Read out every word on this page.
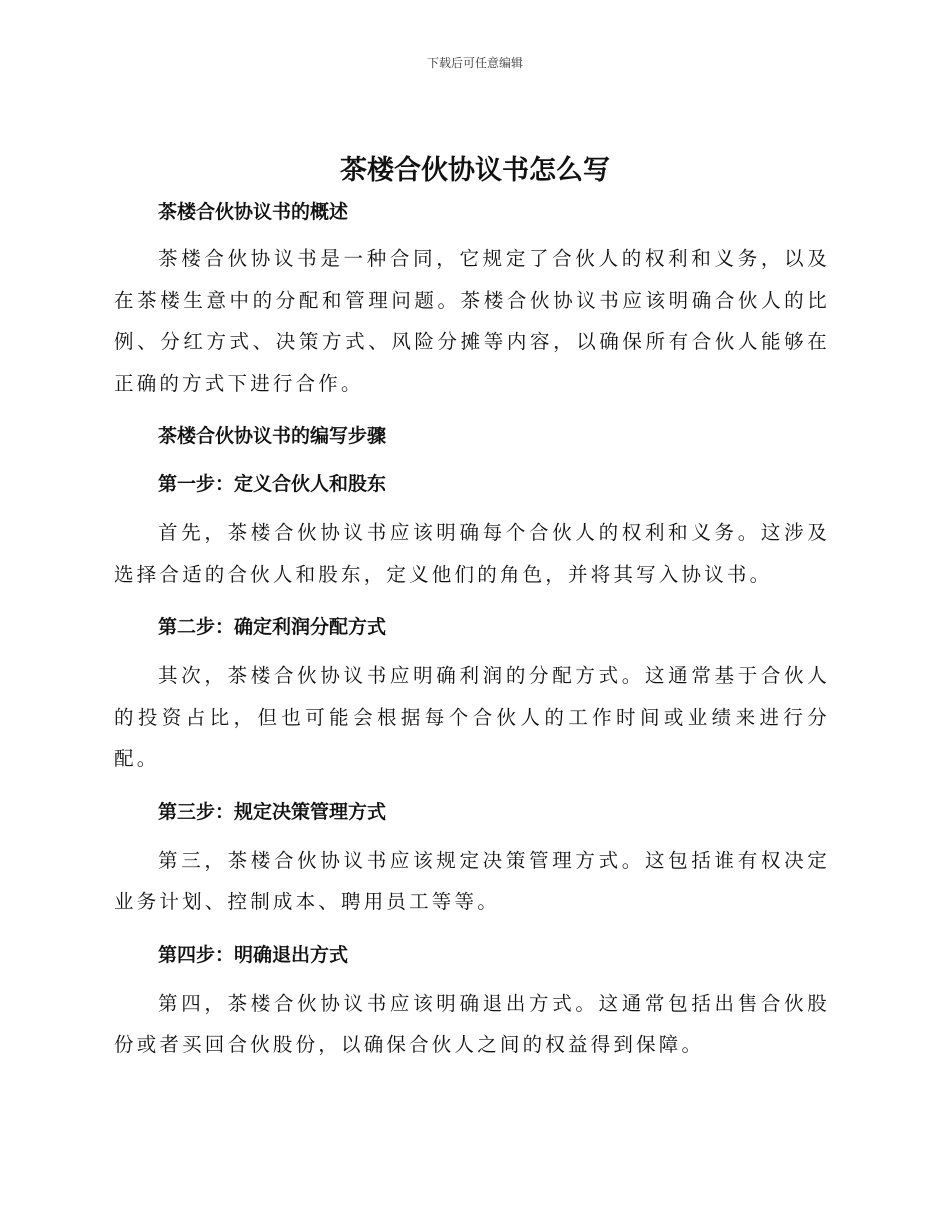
下载后可任意编辑
茶楼合伙协议书怎么写

茶楼合伙协议书的概述

茶楼合伙协议书是一种合同，它规定了合伙人的权利和义务，以及在茶楼生意中的分配和管理问题。茶楼合伙协议书应该明确合伙人的比例、分红方式、决策方式、风险分摊等内容，以确保所有合伙人能够在正确的方式下进行合作。

茶楼合伙协议书的编写步骤

第一步：定义合伙人和股东

首先，茶楼合伙协议书应该明确每个合伙人的权利和义务。这涉及选择合适的合伙人和股东，定义他们的角色，并将其写入协议书。

第二步：确定利润分配方式

其次，茶楼合伙协议书应明确利润的分配方式。这通常基于合伙人的投资占比，但也可能会根据每个合伙人的工作时间或业绩来进行分配。

第三步：规定决策管理方式

第三，茶楼合伙协议书应该规定决策管理方式。这包括谁有权决定业务计划、控制成本、聘用员工等等。

第四步：明确退出方式

第四，茶楼合伙协议书应该明确退出方式。这通常包括出售合伙股份或者买回合伙股份，以确保合伙人之间的权益得到保障。
